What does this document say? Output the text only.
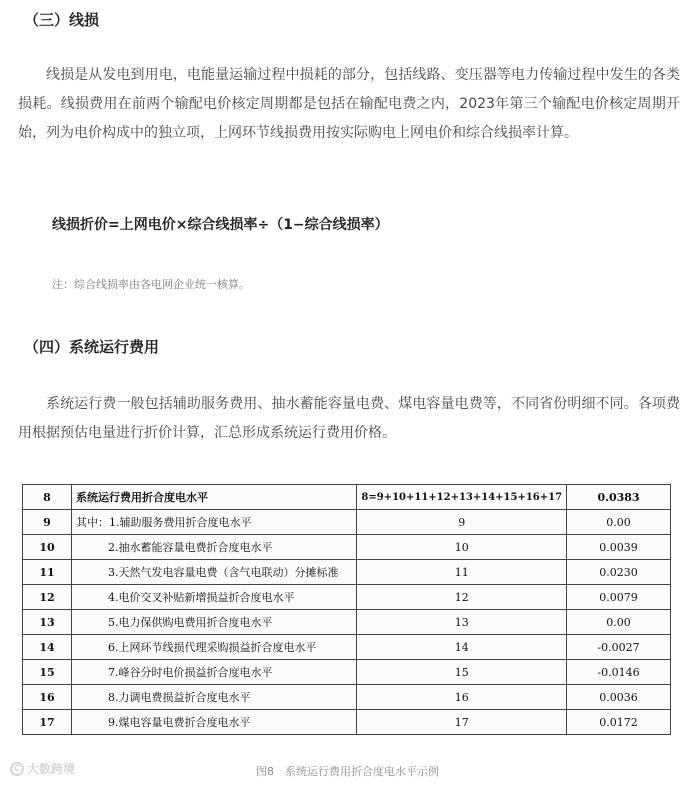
（三）线损

线损是从发电到用电，电能量运输过程中损耗的部分，包括线路、变压器等电力传输过程中发生的各类损耗。线损费用在前两个输配电价核定周期都是包括在输配电费之内，2023年第三个输配电价核定周期开始，列为电价构成中的独立项，上网环节线损费用按实际购电上网电价和综合线损率计算。

线损折价=上网电价×综合线损率÷（1−综合线损率）

注：综合线损率由各电网企业统一核算。

（四）系统运行费用

系统运行费一般包括辅助服务费用、抽水蓄能容量电费、煤电容量电费等，不同省份明细不同。各项费用根据预估电量进行折价计算，汇总形成系统运行费用价格。

8	系统运行费用折合度电水平	8=9+10+11+12+13+14+15+16+17	0.0383
9	其中：1.辅助服务费用折合度电水平	9	0.00
10	2.抽水蓄能容量电费折合度电水平	10	0.0039
11	3.天然气发电容量电费（含气电联动）分摊标准	11	0.0230
12	4.电价交叉补贴新增损益折合度电水平	12	0.0079
13	5.电力保供购电费用折合度电水平	13	0.00
14	6.上网环节线损代理采购损益折合度电水平	14	-0.0027
15	7.峰谷分时电价损益折合度电水平	15	-0.0146
16	8.力调电费损益折合度电水平	16	0.0036
17	9.煤电容量电费折合度电水平	17	0.0172

图8　系统运行费用折合度电水平示例

C 大数跨境
